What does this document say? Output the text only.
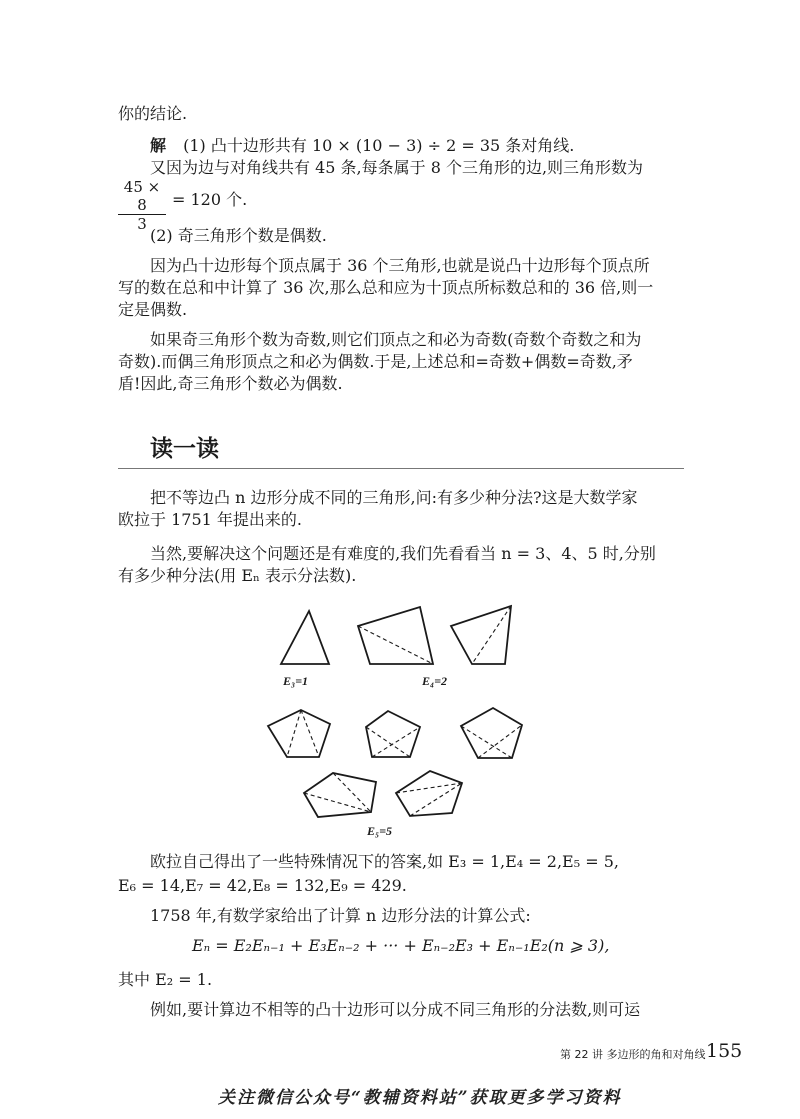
你的结论.
解 (1) 凸十边形共有 10 × (10 − 3) ÷ 2 = 35 条对角线.
又因为边与对角线共有 45 条,每条属于 8 个三角形的边,则三角形数为
$\frac{45 \times 8}{3} = 120$ 个.
(2) 奇三角形个数是偶数.
因为凸十边形每个顶点属于 36 个三角形,也就是说凸十边形每个顶点所
写的数在总和中计算了 36 次,那么总和应为十顶点所标数总和的 36 倍,则一
定是偶数.
如果奇三角形个数为奇数,则它们顶点之和必为奇数(奇数个奇数之和为
奇数).而偶三角形顶点之和必为偶数.于是,上述总和=奇数+偶数=奇数,矛
盾!因此,奇三角形个数必为偶数.
读一读
把不等边凸 n 边形分成不同的三角形,问:有多少种分法?这是大数学家
欧拉于 1751 年提出来的.
当然,要解决这个问题还是有难度的,我们先看看当 n = 3、4、5 时,分别
有多少种分法(用 Eₙ 表示分法数).
E₃=1	E₄=2
E₅=5
欧拉自己得出了一些特殊情况下的答案,如 E₃ = 1,E₄ = 2,E₅ = 5,
E₆ = 14,E₇ = 42,E₈ = 132,E₉ = 429.
1758 年,有数学家给出了计算 n 边形分法的计算公式:
Eₙ = E₂Eₙ₋₁ + E₃Eₙ₋₂ + ··· + Eₙ₋₂E₃ + Eₙ₋₁E₂(n ⩾ 3),
其中 E₂ = 1.
例如,要计算边不相等的凸十边形可以分成不同三角形的分法数,则可运
第 22 讲 多边形的角和对角线 155
关注微信公众号“教辅资料站”获取更多学习资料
